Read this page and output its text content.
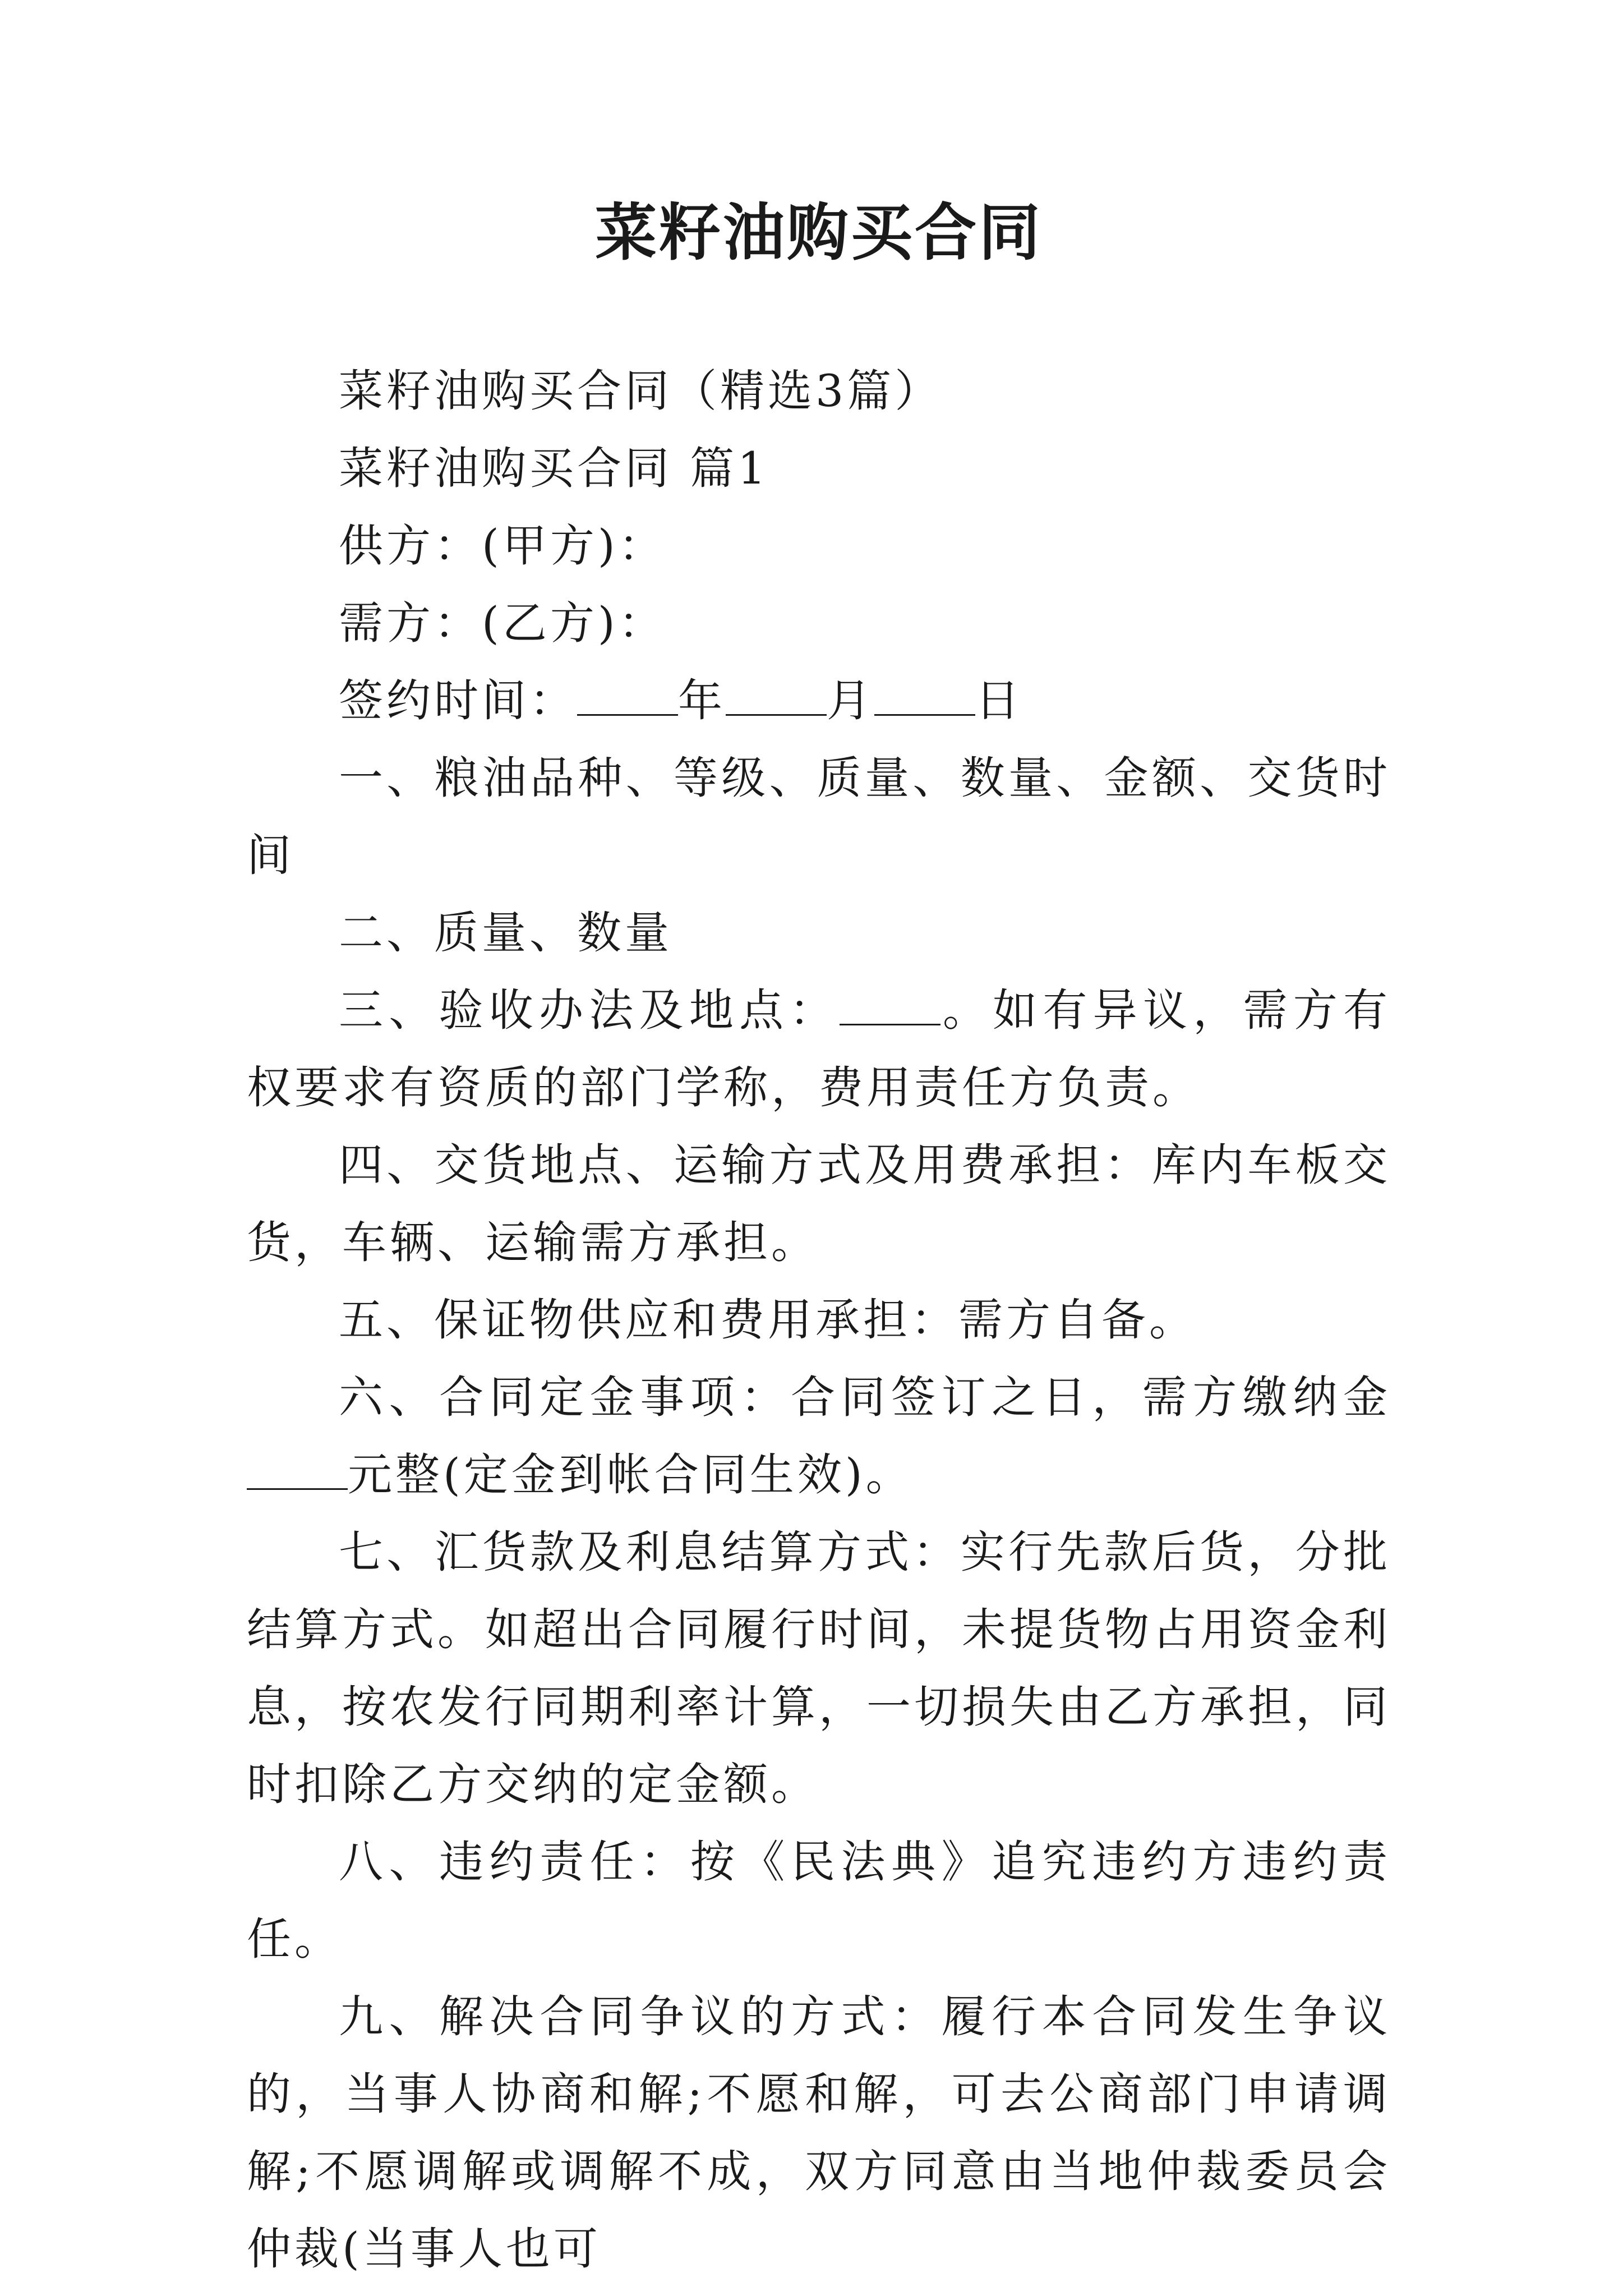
菜籽油购买合同

菜籽油购买合同（精选3篇）

菜籽油购买合同 篇1

供方：(甲方)：

需方：(乙方)：

签约时间： 年 月 日

一、粮油品种、等级、质量、数量、金额、交货时间

二、质量、数量

三、验收办法及地点： 。如有异议，需方有权要求有资质的部门学称，费用责任方负责。

四、交货地点、运输方式及用费承担：库内车板交货，车辆、运输需方承担。

五、保证物供应和费用承担：需方自备。

六、合同定金事项：合同签订之日，需方缴纳金元整(定金到帐合同生效)。

七、汇货款及利息结算方式：实行先款后货，分批结算方式。如超出合同履行时间，未提货物占用资金利息，按农发行同期利率计算，一切损失由乙方承担，同时扣除乙方交纳的定金额。

八、违约责任：按《民法典》追究违约方违约责任。

九、解决合同争议的方式：履行本合同发生争议的，当事人协商和解;不愿和解，可去公商部门申请调解;不愿调解或调解不成，双方同意由当地仲裁委员会仲裁(当事人也可
